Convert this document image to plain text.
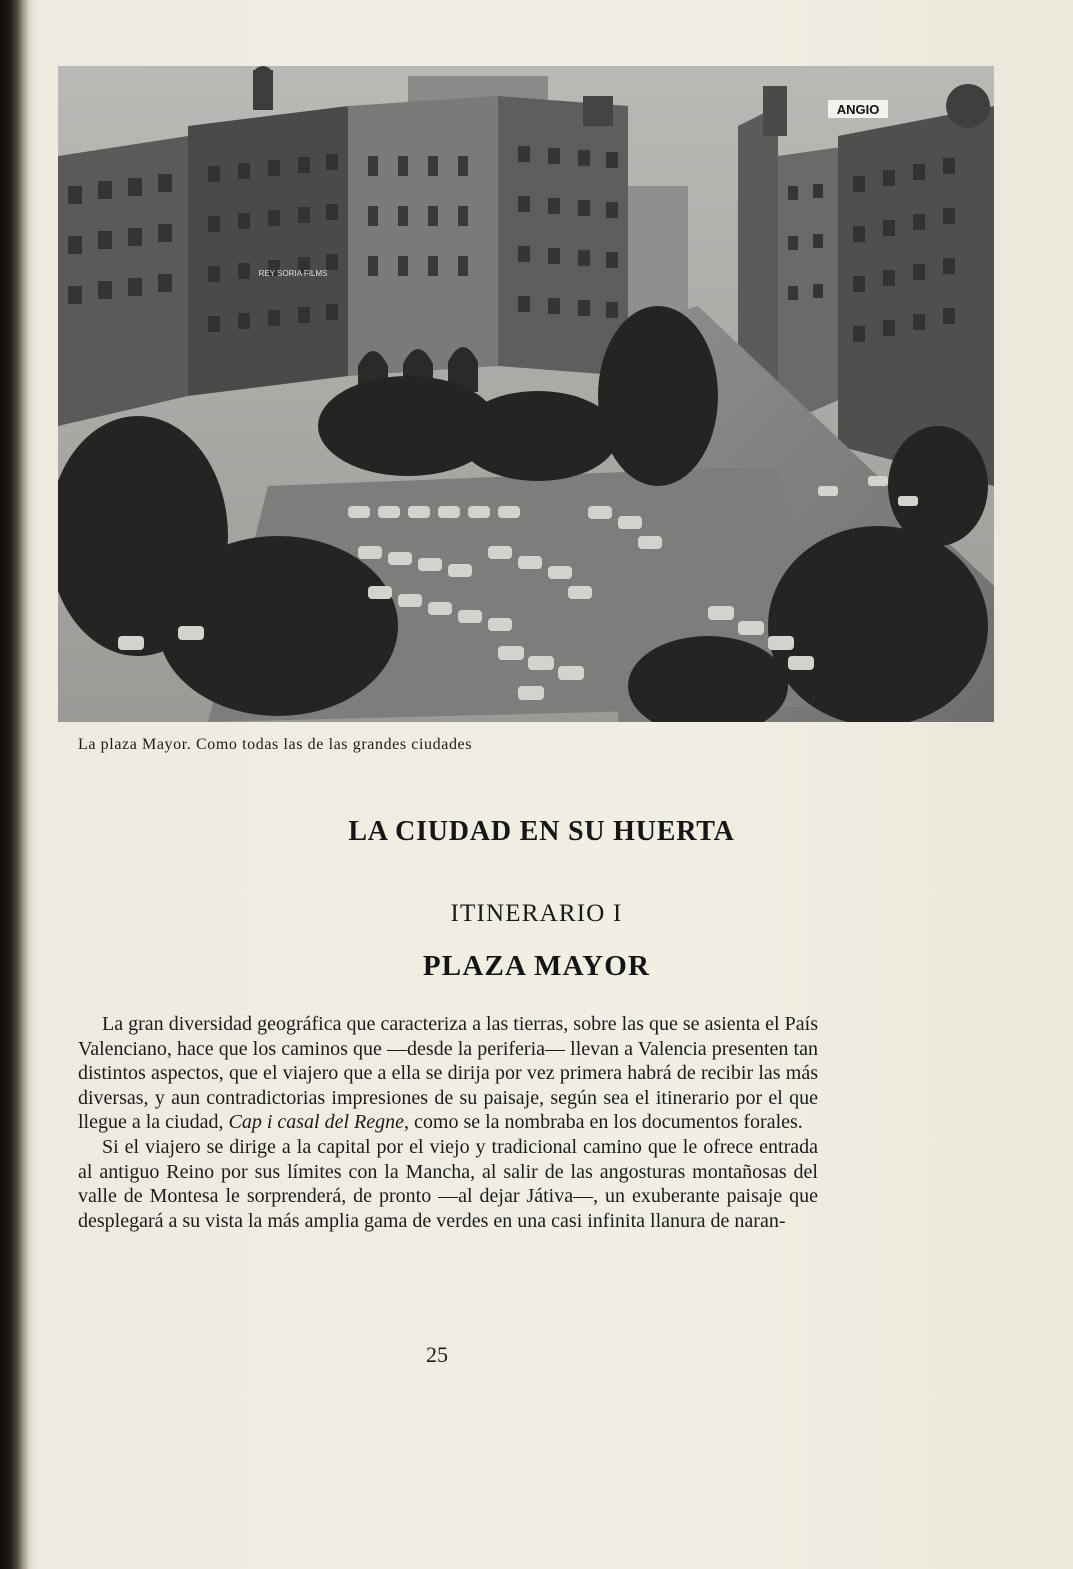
ANGIO
REY SORIA FILMS
La plaza Mayor. Como todas las de las grandes ciudades
LA CIUDAD EN SU HUERTA
ITINERARIO I
PLAZA MAYOR

La gran diversidad geográfica que caracteriza a las tierras, sobre las que se asienta el País Valenciano, hace que los caminos que —desde la periferia— llevan a Valencia presenten tan distintos aspectos, que el viajero que a ella se dirija por vez primera habrá de recibir las más diversas, y aun contradictorias impresiones de su paisaje, según sea el itinerario por el que llegue a la ciudad, Cap i casal del Regne, como se la nombraba en los documentos forales.

Si el viajero se dirige a la capital por el viejo y tradicional camino que le ofrece entrada al antiguo Reino por sus límites con la Mancha, al salir de las angosturas montañosas del valle de Montesa le sorprenderá, de pronto —al dejar Játiva—, un exuberante paisaje que desplegará a su vista la más amplia gama de verdes en una casi infinita llanura de naran-

25
